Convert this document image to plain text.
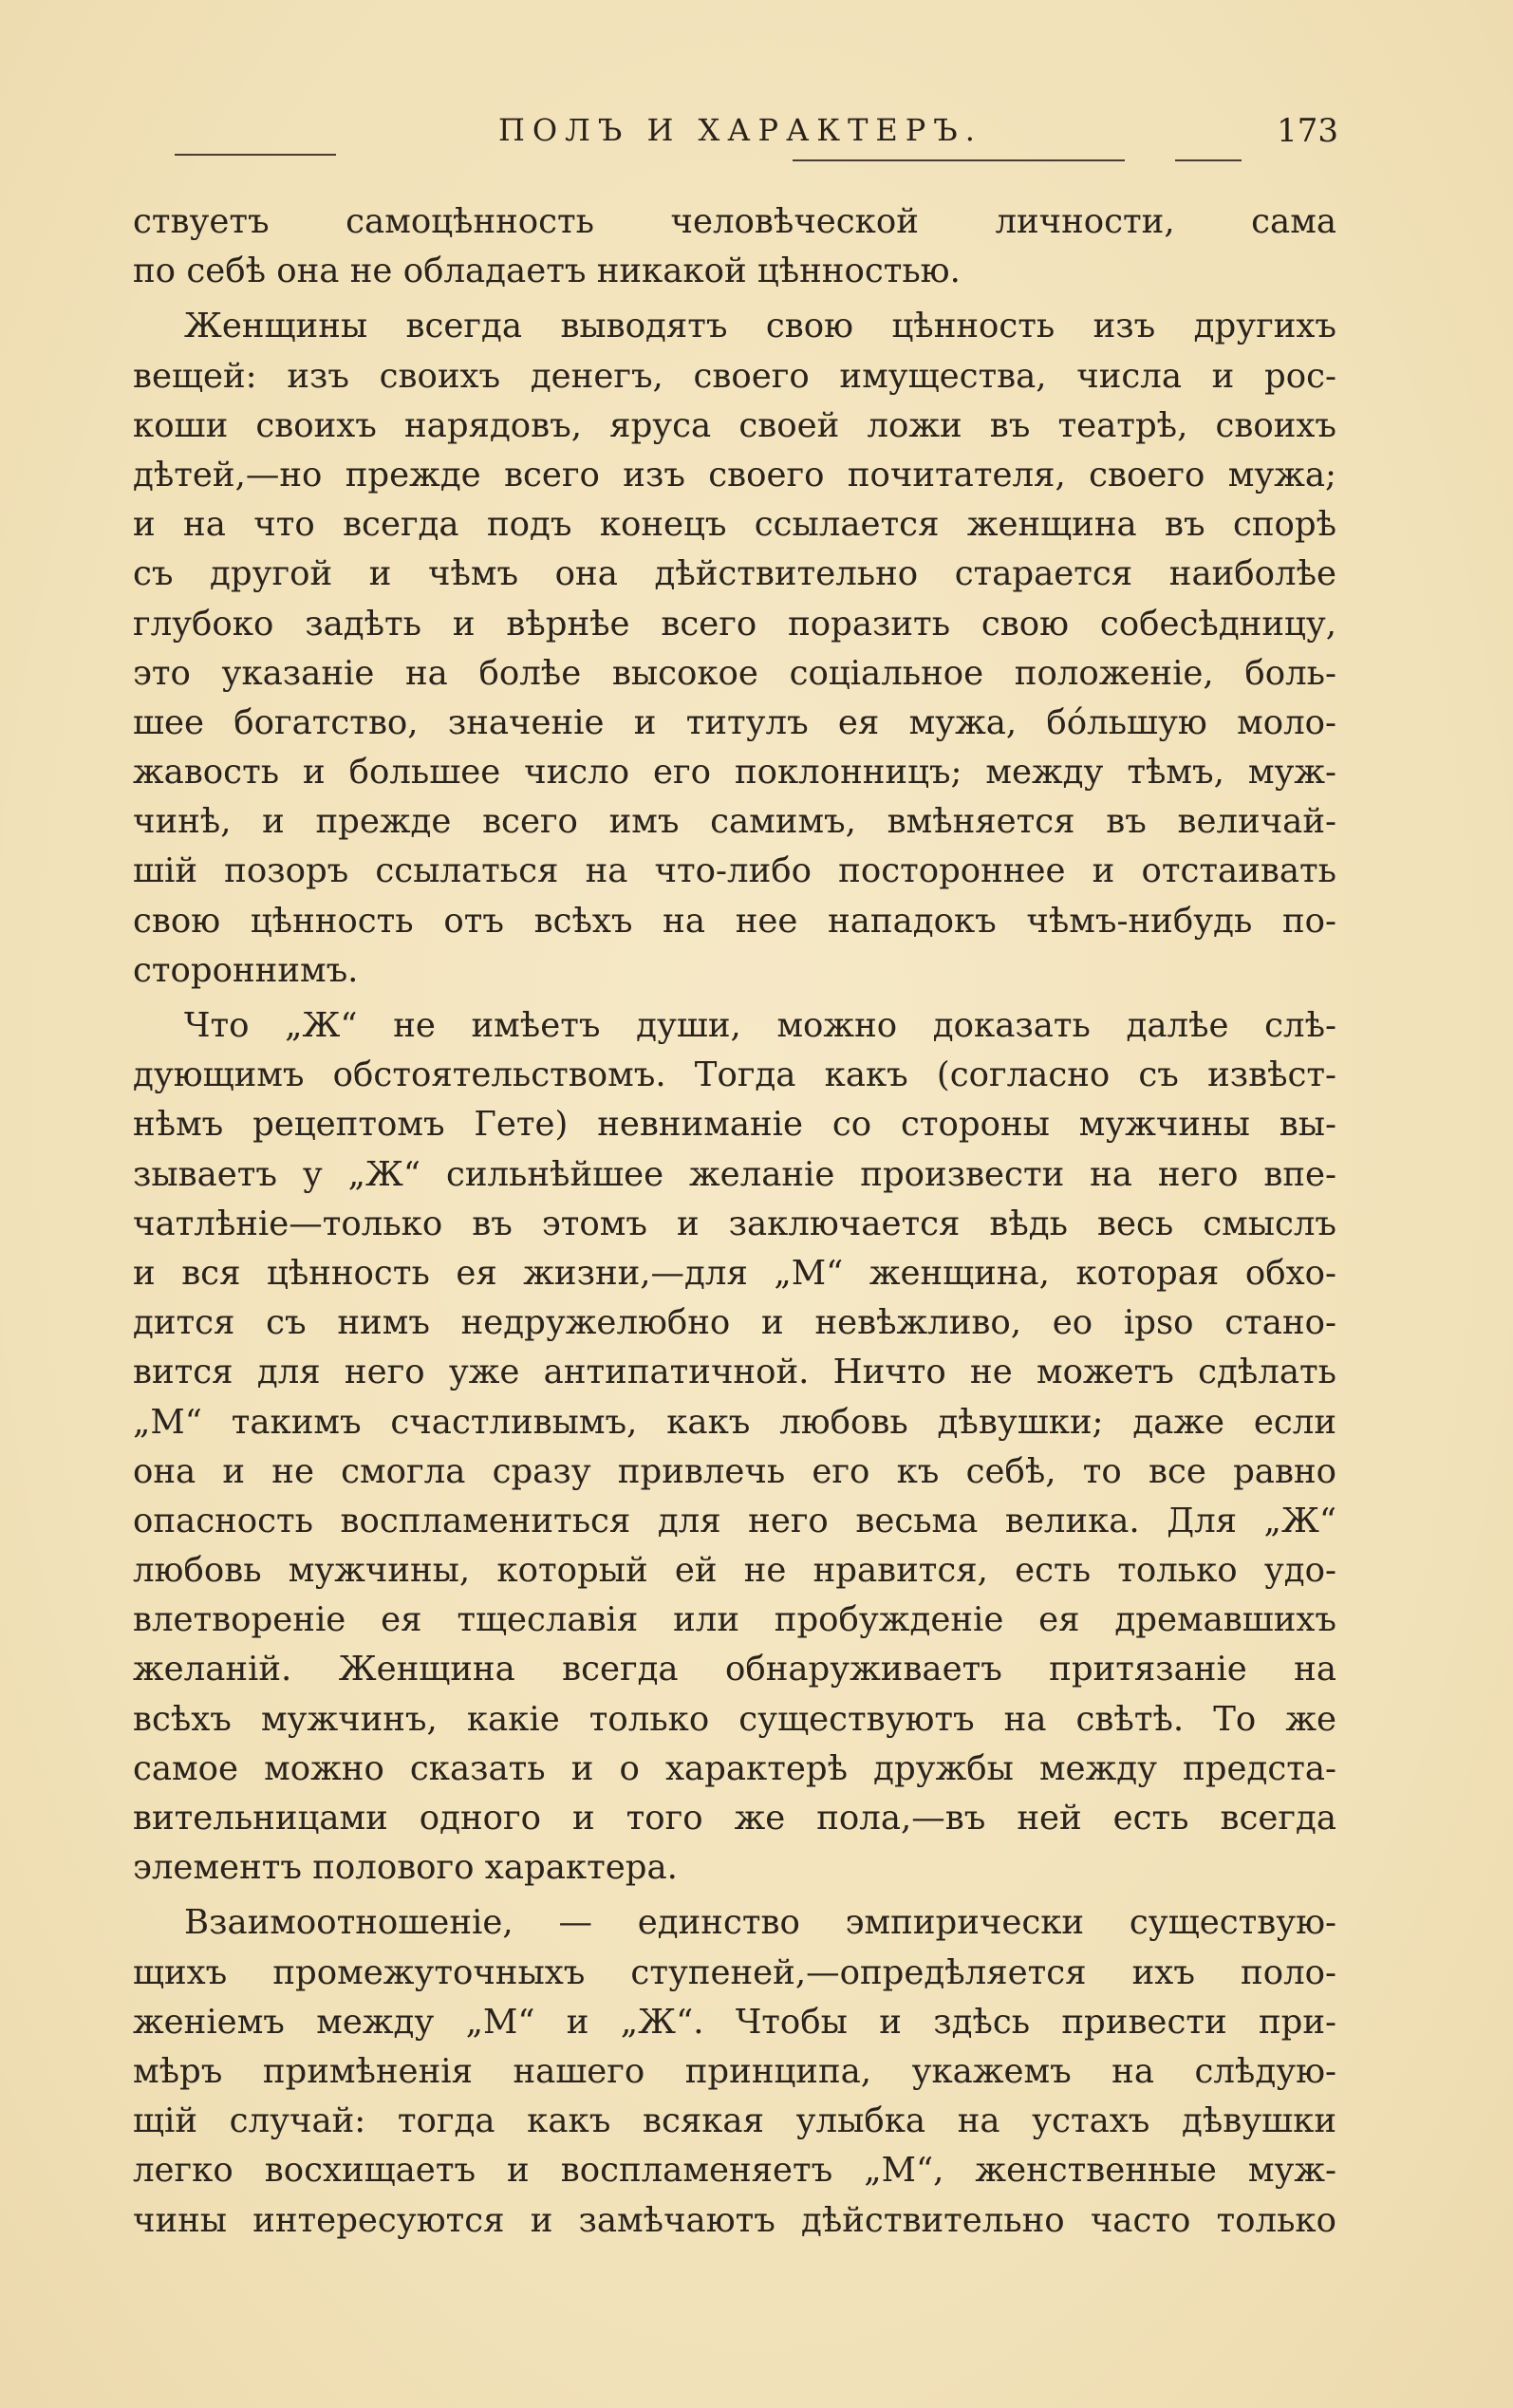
ПОЛЪ И ХАРАКТЕРЪ.	173
ствуетъ самоцѣнность человѣческой личности, сама
по себѣ она не обладаетъ никакой цѣнностью.
Женщины всегда выводятъ свою цѣнность изъ другихъ
вещей: изъ своихъ денегъ, своего имущества, числа и рос-
коши своихъ нарядовъ, яруса своей ложи въ театрѣ, своихъ
дѣтей,—но прежде всего изъ своего почитателя, своего мужа;
и на что всегда подъ конецъ ссылается женщина въ спорѣ
съ другой и чѣмъ она дѣйствительно старается наиболѣе
глубоко задѣть и вѣрнѣе всего поразить свою собесѣдницу,
это указаніе на болѣе высокое соціальное положеніе, боль-
шее богатство, значеніе и титулъ ея мужа, бо́льшую моло-
жавость и большее число его поклонницъ; между тѣмъ, муж-
чинѣ, и прежде всего имъ самимъ, вмѣняется въ величай-
шій позоръ ссылаться на что-либо постороннее и отстаивать
свою цѣнность отъ всѣхъ на нее нападокъ чѣмъ-нибудь по-
стороннимъ.
Что „Ж“ не имѣетъ души, можно доказать далѣе слѣ-
дующимъ обстоятельствомъ. Тогда какъ (согласно съ извѣст-
нѣмъ рецептомъ Гете) невниманіе со стороны мужчины вы-
зываетъ у „Ж“ сильнѣйшее желаніе произвести на него впе-
чатлѣніе—только въ этомъ и заключается вѣдь весь смыслъ
и вся цѣнность ея жизни,—для „М“ женщина, которая обхо-
дится съ нимъ недружелюбно и невѣжливо, eo ipso стано-
вится для него уже антипатичной. Ничто не можетъ сдѣлать
„М“ такимъ счастливымъ, какъ любовь дѣвушки; даже если
она и не смогла сразу привлечь его къ себѣ, то все равно
опасность воспламениться для него весьма велика. Для „Ж“
любовь мужчины, который ей не нравится, есть только удо-
влетвореніе ея тщеславія или пробужденіе ея дремавшихъ
желаній. Женщина всегда обнаруживаетъ притязаніе на
всѣхъ мужчинъ, какіе только существуютъ на свѣтѣ. То же
самое можно сказать и о характерѣ дружбы между предста-
вительницами одного и того же пола,—въ ней есть всегда
элементъ полового характера.
Взаимоотношеніе, — единство эмпирически существую-
щихъ промежуточныхъ ступеней,—опредѣляется ихъ поло-
женіемъ между „М“ и „Ж“. Чтобы и здѣсь привести при-
мѣръ примѣненія нашего принципа, укажемъ на слѣдую-
щій случай: тогда какъ всякая улыбка на устахъ дѣвушки
легко восхищаетъ и воспламеняетъ „М“, женственные муж-
чины интересуются и замѣчаютъ дѣйствительно часто только
